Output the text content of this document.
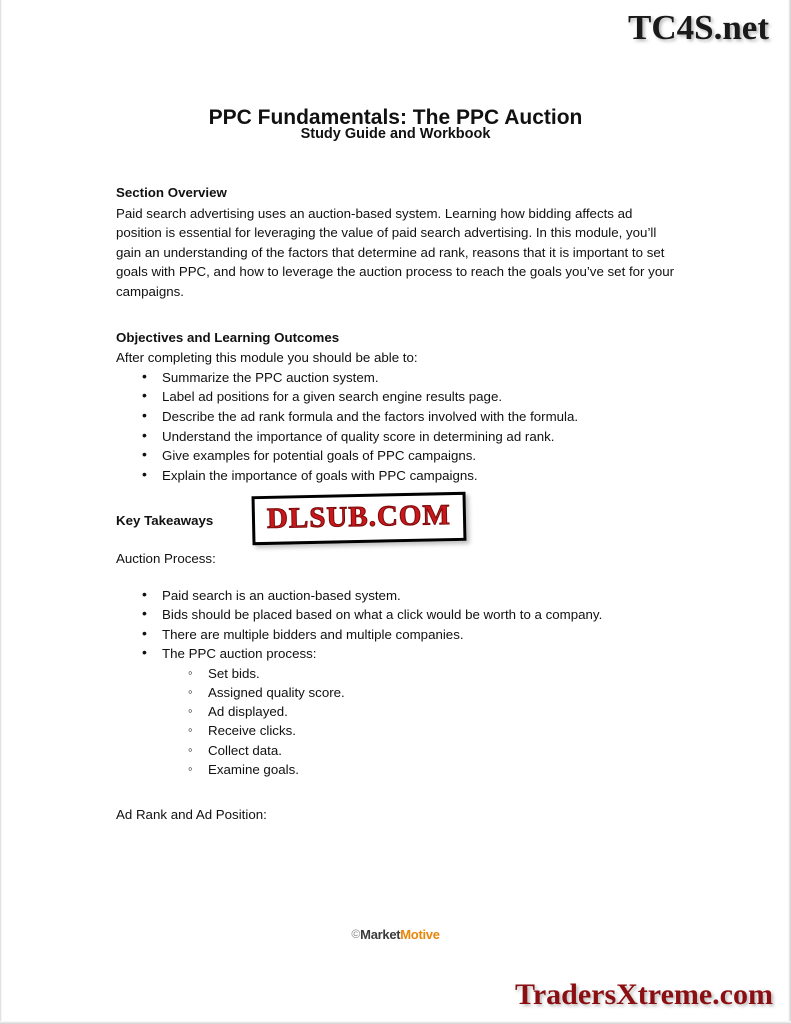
TC4S.net
PPC Fundamentals: The PPC Auction
Study Guide and Workbook
Section Overview

Paid search advertising uses an auction-based system. Learning how bidding affects ad position is essential for leveraging the value of paid search advertising. In this module, you’ll gain an understanding of the factors that determine ad rank, reasons that it is important to set goals with PPC, and how to leverage the auction process to reach the goals you’ve set for your campaigns.

Objectives and Learning Outcomes

After completing this module you should be able to:

• Summarize the PPC auction system.
• Label ad positions for a given search engine results page.
• Describe the ad rank formula and the factors involved with the formula.
• Understand the importance of quality score in determining ad rank.
• Give examples for potential goals of PPC campaigns.
• Explain the importance of goals with PPC campaigns.
Key Takeaways

Auction Process:

• Paid search is an auction-based system.
• Bids should be placed based on what a click would be worth to a company.
• There are multiple bidders and multiple companies.
• The PPC auction process:
◦ Set bids.
◦ Assigned quality score.
◦ Ad displayed.
◦ Receive clicks.
◦ Collect data.
◦ Examine goals.

Ad Rank and Ad Position:

DLSUB.COM
©MarketMotive
TradersXtreme.com
